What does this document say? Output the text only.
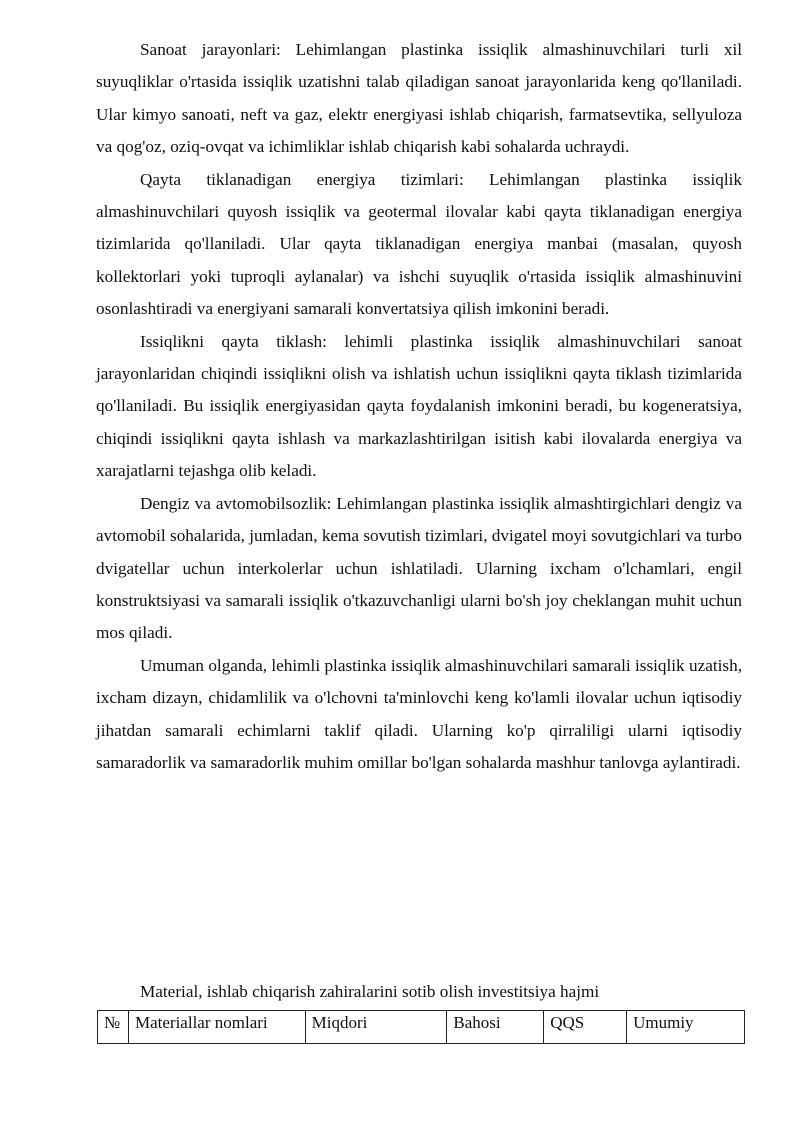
Sanoat jarayonlari: Lehimlangan plastinka issiqlik almashinuvchilari turli xil suyuqliklar o'rtasida issiqlik uzatishni talab qiladigan sanoat jarayonlarida keng qo'llaniladi. Ular kimyo sanoati, neft va gaz, elektr energiyasi ishlab chiqarish, farmatsevtika, sellyuloza va qog'oz, oziq-ovqat va ichimliklar ishlab chiqarish kabi sohalarda uchraydi.

Qayta tiklanadigan energiya tizimlari: Lehimlangan plastinka issiqlik almashinuvchilari quyosh issiqlik va geotermal ilovalar kabi qayta tiklanadigan energiya tizimlarida qo'llaniladi. Ular qayta tiklanadigan energiya manbai (masalan, quyosh kollektorlari yoki tuproqli aylanalar) va ishchi suyuqlik o'rtasida issiqlik almashinuvini osonlashtiradi va energiyani samarali konvertatsiya qilish imkonini beradi.

Issiqlikni qayta tiklash: lehimli plastinka issiqlik almashinuvchilari sanoat jarayonlaridan chiqindi issiqlikni olish va ishlatish uchun issiqlikni qayta tiklash tizimlarida qo'llaniladi. Bu issiqlik energiyasidan qayta foydalanish imkonini beradi, bu kogeneratsiya, chiqindi issiqlikni qayta ishlash va markazlashtirilgan isitish kabi ilovalarda energiya va xarajatlarni tejashga olib keladi.

Dengiz va avtomobilsozlik: Lehimlangan plastinka issiqlik almashtirgichlari dengiz va avtomobil sohalarida, jumladan, kema sovutish tizimlari, dvigatel moyi sovutgichlari va turbo dvigatellar uchun interkolerlar uchun ishlatiladi. Ularning ixcham o'lchamlari, engil konstruktsiyasi va samarali issiqlik o'tkazuvchanligi ularni bo'sh joy cheklangan muhit uchun mos qiladi.

Umuman olganda, lehimli plastinka issiqlik almashinuvchilari samarali issiqlik uzatish, ixcham dizayn, chidamlilik va o'lchovni ta'minlovchi keng ko'lamli ilovalar uchun iqtisodiy jihatdan samarali echimlarni taklif qiladi. Ularning ko'p qirraliligi ularni iqtisodiy samaradorlik va samaradorlik muhim omillar bo'lgan sohalarda mashhur tanlovga aylantiradi.

Material, ishlab chiqarish zahiralarini sotib olish investitsiya hajmi

№	Materiallar nomlari	Miqdori	Bahosi	QQS	Umumiy
